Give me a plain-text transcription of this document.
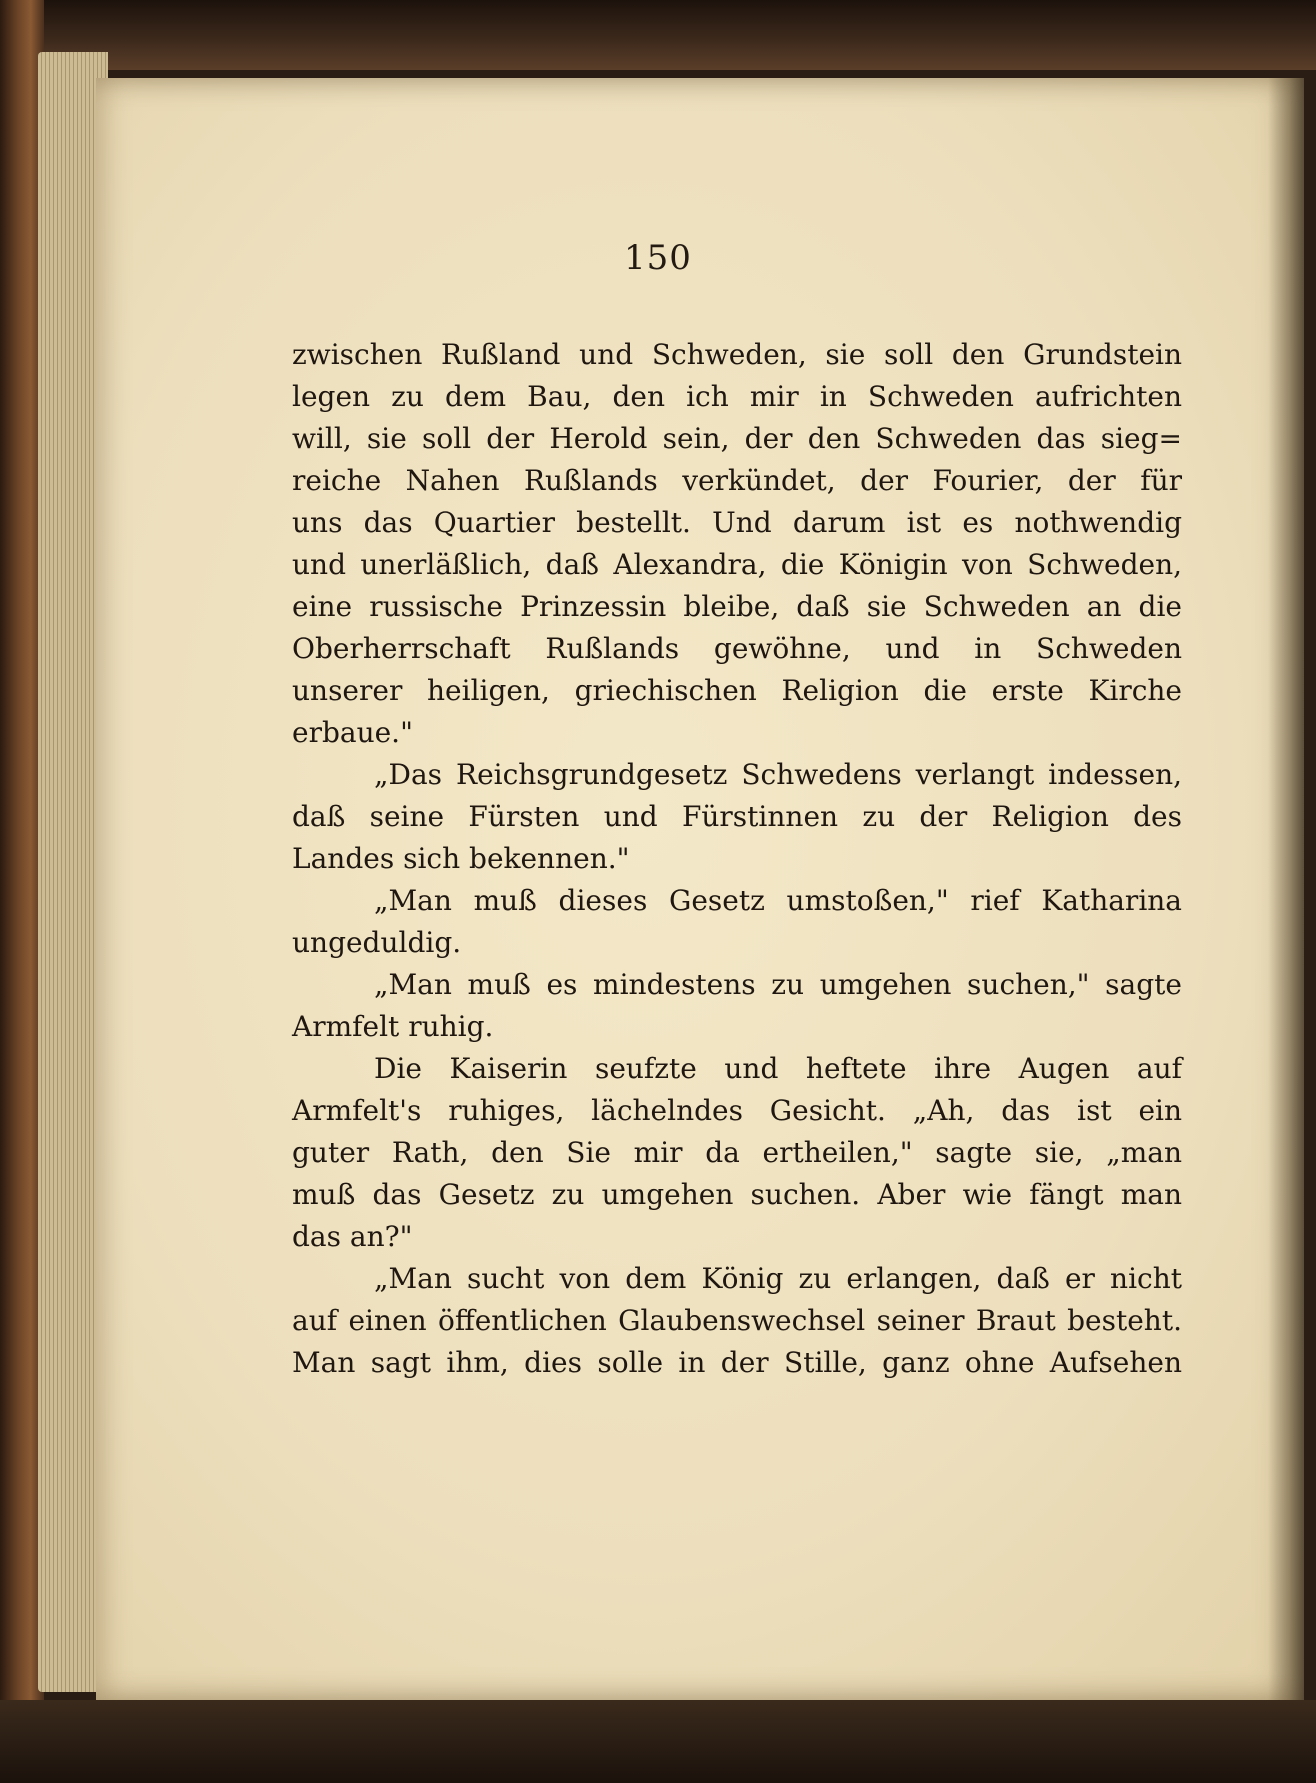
150
zwischen Rußland und Schweden, sie soll den Grundstein
legen zu dem Bau, den ich mir in Schweden aufrichten
will, sie soll der Herold sein, der den Schweden das sieg=
reiche Nahen Rußlands verkündet, der Fourier, der für
uns das Quartier bestellt. Und darum ist es nothwendig
und unerläßlich, daß Alexandra, die Königin von Schweden,
eine russische Prinzessin bleibe, daß sie Schweden an die
Oberherrschaft Rußlands gewöhne, und in Schweden
unserer heiligen, griechischen Religion die erste Kirche
erbaue."
„Das Reichsgrundgesetz Schwedens verlangt indessen,
daß seine Fürsten und Fürstinnen zu der Religion des
Landes sich bekennen."
„Man muß dieses Gesetz umstoßen," rief Katharina
ungeduldig.
„Man muß es mindestens zu umgehen suchen," sagte
Armfelt ruhig.
Die Kaiserin seufzte und heftete ihre Augen auf
Armfelt's ruhiges, lächelndes Gesicht. „Ah, das ist ein
guter Rath, den Sie mir da ertheilen," sagte sie, „man
muß das Gesetz zu umgehen suchen. Aber wie fängt man
das an?"
„Man sucht von dem König zu erlangen, daß er nicht
auf einen öffentlichen Glaubenswechsel seiner Braut besteht.
Man sagt ihm, dies solle in der Stille, ganz ohne Aufsehen
